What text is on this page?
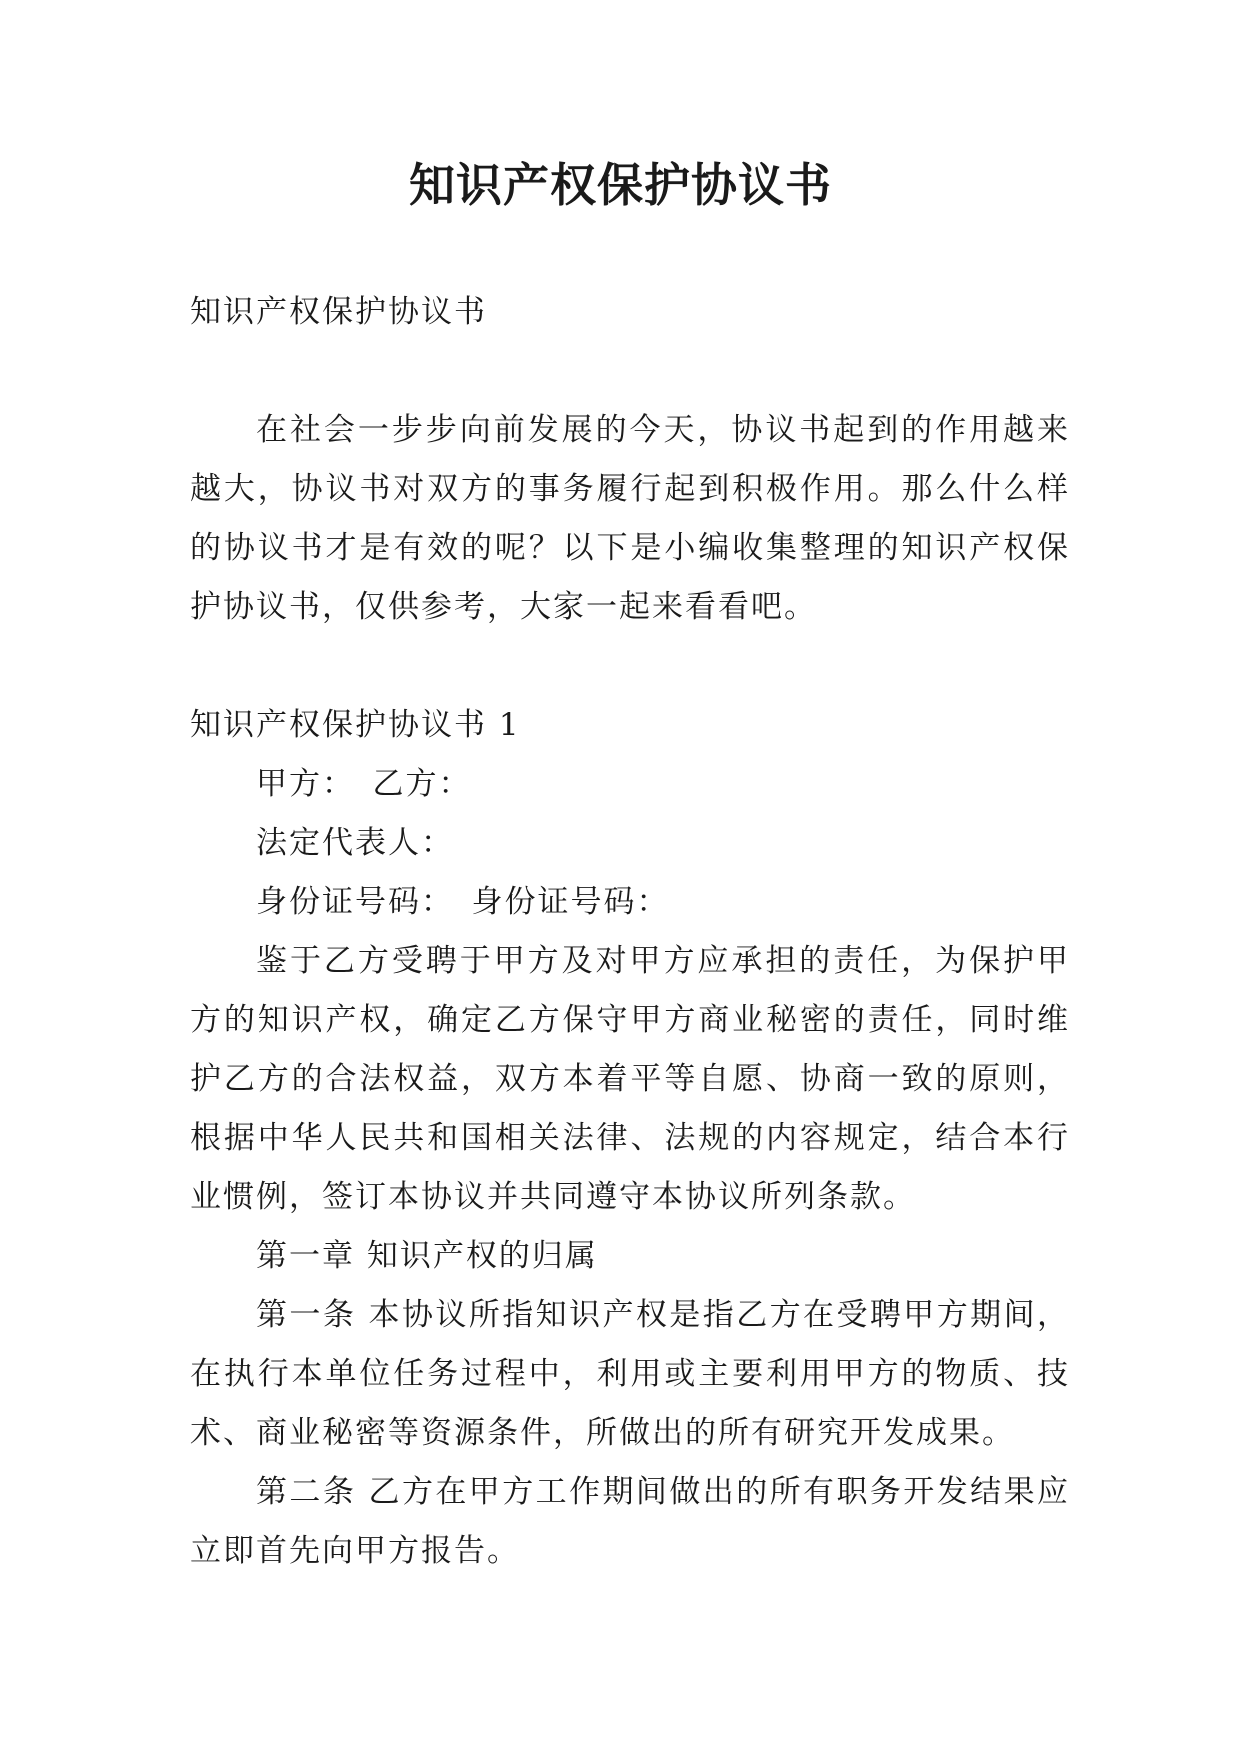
知识产权保护协议书

知识产权保护协议书

在社会一步步向前发展的今天，协议书起到的作用越来越大，协议书对双方的事务履行起到积极作用。那么什么样的协议书才是有效的呢？以下是小编收集整理的知识产权保护协议书，仅供参考，大家一起来看看吧。

知识产权保护协议书 1

甲方：　乙方：

法定代表人：

身份证号码：　身份证号码：

鉴于乙方受聘于甲方及对甲方应承担的责任，为保护甲方的知识产权，确定乙方保守甲方商业秘密的责任，同时维护乙方的合法权益，双方本着平等自愿、协商一致的原则，根据中华人民共和国相关法律、法规的内容规定，结合本行业惯例，签订本协议并共同遵守本协议所列条款。

第一章 知识产权的归属

第一条 本协议所指知识产权是指乙方在受聘甲方期间，在执行本单位任务过程中，利用或主要利用甲方的物质、技术、商业秘密等资源条件，所做出的所有研究开发成果。

第二条 乙方在甲方工作期间做出的所有职务开发结果应立即首先向甲方报告。
